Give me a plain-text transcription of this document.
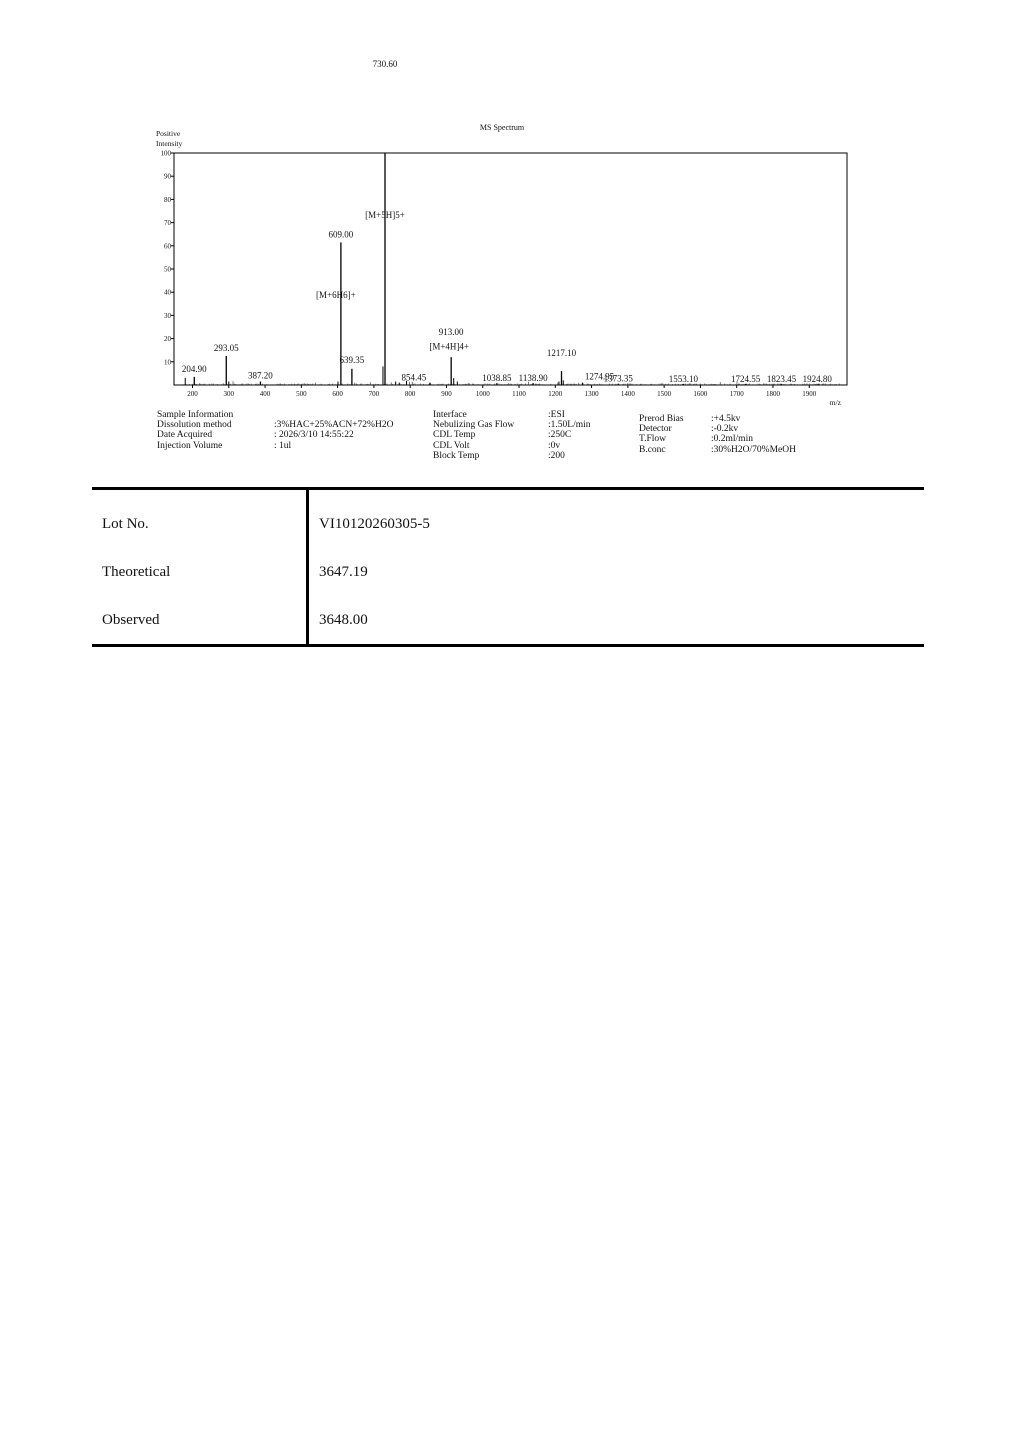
MS Spectrum
Positive
Intensity
10
20
30
40
50
60
70
80
90
100
200	300	400	500	600	700	800	900	1000	1100	1200	1300	1400	1500	1600	1700	1800	1900
204.90
293.05
387.20
609.00
[M+6H6]+
639.35
730.60
[M+5H]5+
854.45
913.00
[M+4H]4+
1038.85 1138.90
1217.10
1274.95
1373.35	1553.10	1724.55 1823.45 1924.80
m/z
Sample Information
Dissolution method	:3%HAC+25%ACN+72%H2O
Date Acquired	: 2026/3/10 14:55:22
Injection Volume	: 1ul
Interface	:ESI
Nebulizing Gas Flow	:1.50L/min
CDL Temp	:250C
CDL Volt	:0v
Block Temp	:200
Prerod Bias	:+4.5kv
Detector	:-0.2kv
T.Flow	:0.2ml/min
B.conc	:30%H2O/70%MeOH
Lot No.	VI10120260305-5
Theoretical	3647.19
Observed	3648.00
